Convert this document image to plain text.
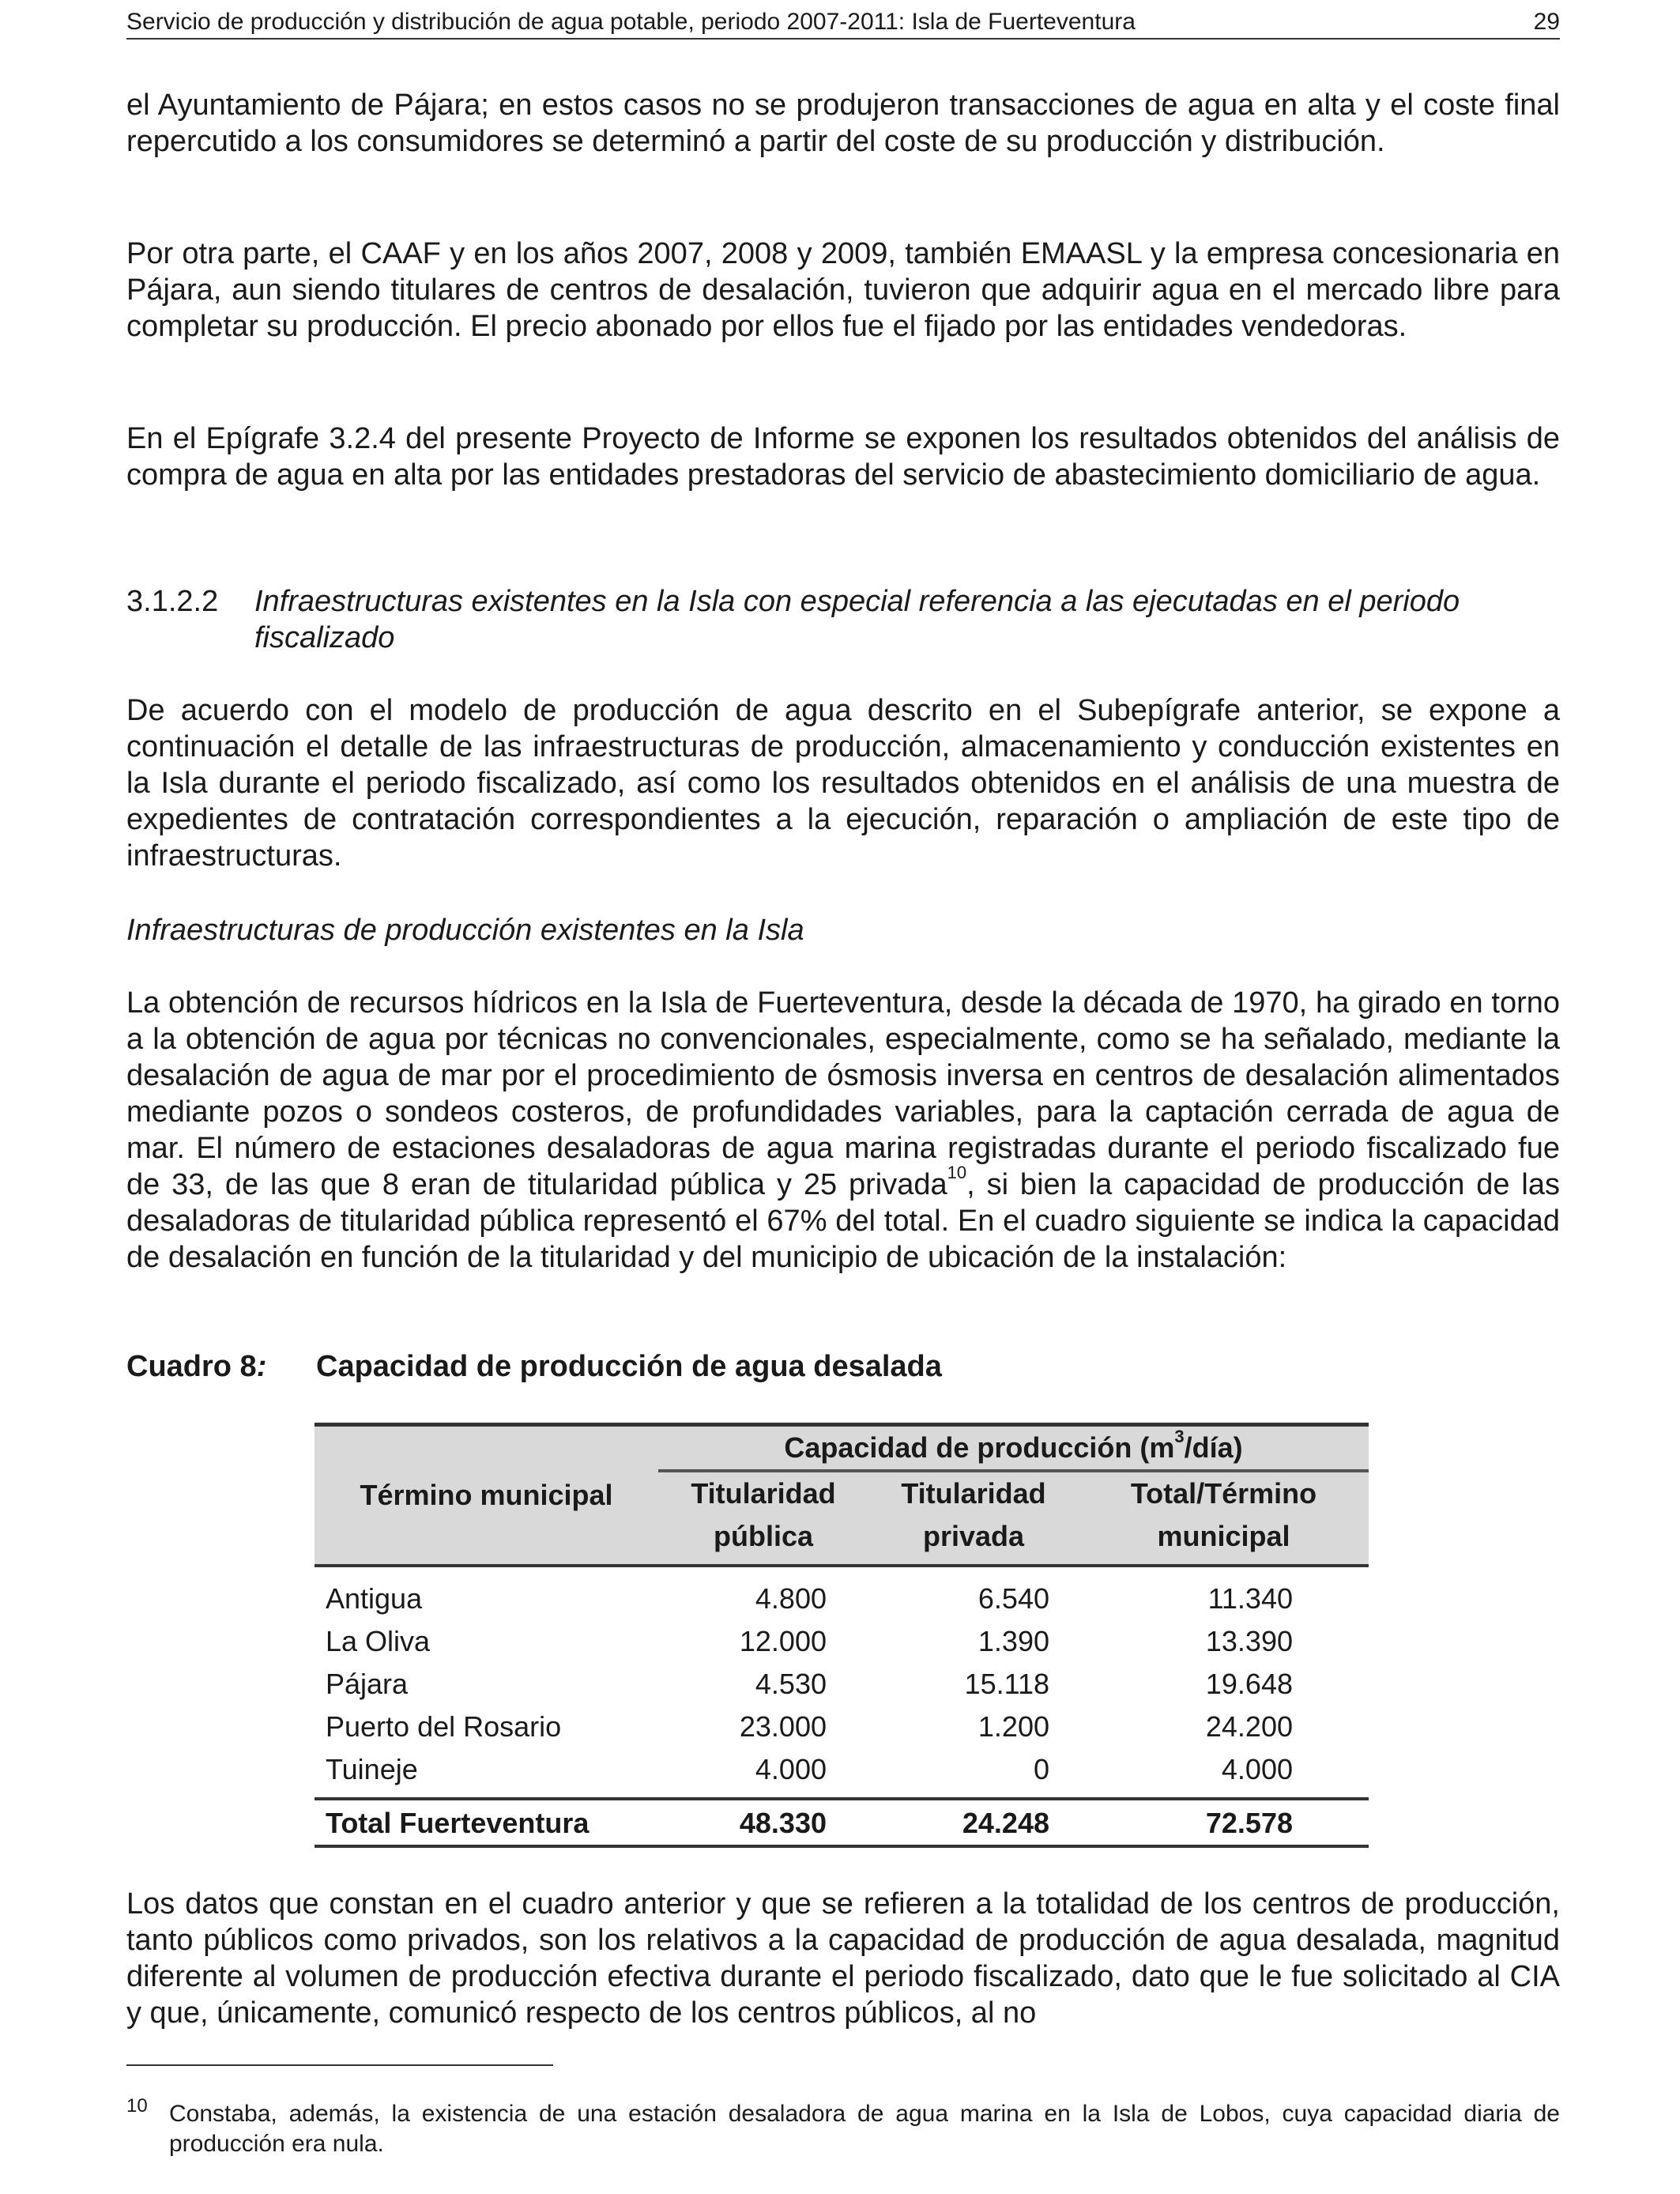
Servicio de producción y distribución de agua potable, periodo 2007-2011: Isla de Fuerteventura	29

el Ayuntamiento de Pájara; en estos casos no se produjeron transacciones de agua en alta y el coste final repercutido a los consumidores se determinó a partir del coste de su producción y distribución.

Por otra parte, el CAAF y en los años 2007, 2008 y 2009, también EMAASL y la empresa concesionaria en Pájara, aun siendo titulares de centros de desalación, tuvieron que adquirir agua en el mercado libre para completar su producción. El precio abonado por ellos fue el fijado por las entidades vendedoras.

En el Epígrafe 3.2.4 del presente Proyecto de Informe se exponen los resultados obtenidos del análisis de compra de agua en alta por las entidades prestadoras del servicio de abastecimiento domiciliario de agua.

3.1.2.2 Infraestructuras existentes en la Isla con especial referencia a las ejecutadas en el periodo fiscalizado

De acuerdo con el modelo de producción de agua descrito en el Subepígrafe anterior, se expone a continuación el detalle de las infraestructuras de producción, almacenamiento y conducción existentes en la Isla durante el periodo fiscalizado, así como los resultados obtenidos en el análisis de una muestra de expedientes de contratación correspondientes a la ejecución, reparación o ampliación de este tipo de infraestructuras.

Infraestructuras de producción existentes en la Isla

La obtención de recursos hídricos en la Isla de Fuerteventura, desde la década de 1970, ha girado en torno a la obtención de agua por técnicas no convencionales, especialmente, como se ha señalado, mediante la desalación de agua de mar por el procedimiento de ósmosis inversa en centros de desalación alimentados mediante pozos o sondeos costeros, de profundidades variables, para la captación cerrada de agua de mar. El número de estaciones desaladoras de agua marina registradas durante el periodo fiscalizado fue de 33, de las que 8 eran de titularidad pública y 25 privada$^{10}$, si bien la capacidad de producción de las desaladoras de titularidad pública representó el 67% del total. En el cuadro siguiente se indica la capacidad de desalación en función de la titularidad y del municipio de ubicación de la instalación:

Cuadro 8: Capacidad de producción de agua desalada
Término municipal
Capacidad de producción $(m^3/día)$
Titularidad
pública
Titularidad
privada
Total/Término
municipal
Antigua	4.800	6.540	11.340
La Oliva	12.000	1.390	13.390
Pájara	4.530	15.118	19.648
Puerto del Rosario	23.000	1.200	24.200
Tuineje	4.000	0	4.000
Total Fuerteventura	48.330	24.248	72.578

Los datos que constan en el cuadro anterior y que se refieren a la totalidad de los centros de producción, tanto públicos como privados, son los relativos a la capacidad de producción de agua desalada, magnitud diferente al volumen de producción efectiva durante el periodo fiscalizado, dato que le fue solicitado al CIA y que, únicamente, comunicó respecto de los centros públicos, al no

10 Constaba, además, la existencia de una estación desaladora de agua marina en la Isla de Lobos, cuya capacidad diaria de producción era nula.
